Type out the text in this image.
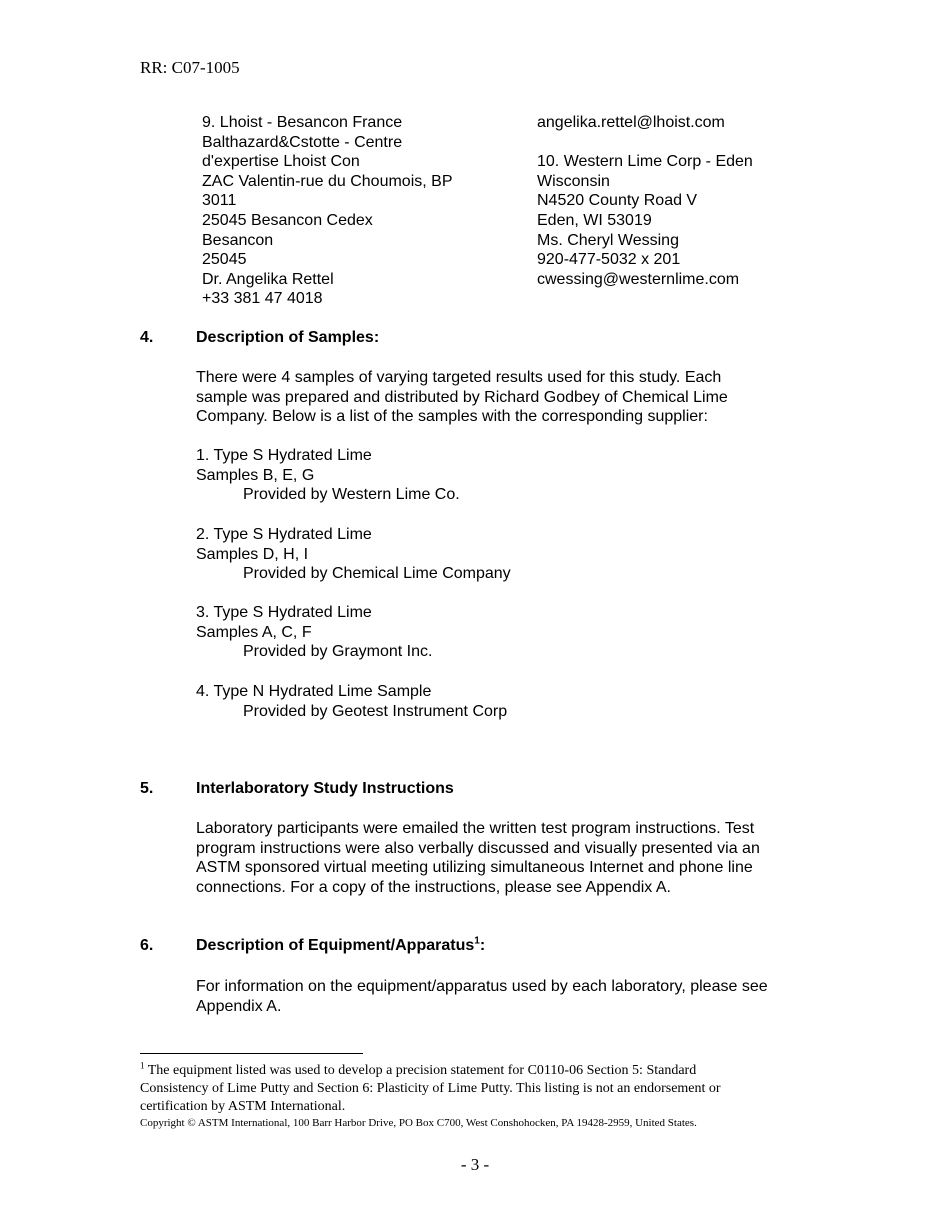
RR: C07-1005
9. Lhoist - Besancon France
Balthazard&Cstotte - Centre
d'expertise Lhoist Con
ZAC Valentin-rue du Choumois, BP
3011
25045 Besancon Cedex
Besancon
25045
Dr. Angelika Rettel
+33 381 47 4018
angelika.rettel@lhoist.com

10. Western Lime Corp - Eden
Wisconsin
N4520 County Road V
Eden, WI 53019
Ms. Cheryl Wessing
920-477-5032 x 201
cwessing@westernlime.com
4.	Description of Samples:
There were 4 samples of varying targeted results used for this study. Each
sample was prepared and distributed by Richard Godbey of Chemical Lime
Company. Below is a list of the samples with the corresponding supplier:
1. Type S Hydrated Lime
Samples B, E, G
Provided by Western Lime Co.
2. Type S Hydrated Lime
Samples D, H, I
Provided by Chemical Lime Company
3. Type S Hydrated Lime
Samples A, C, F
Provided by Graymont Inc.
4. Type N Hydrated Lime Sample
Provided by Geotest Instrument Corp
5.	Interlaboratory Study Instructions
Laboratory participants were emailed the written test program instructions. Test
program instructions were also verbally discussed and visually presented via an
ASTM sponsored virtual meeting utilizing simultaneous Internet and phone line
connections. For a copy of the instructions, please see Appendix A.
6.	Description of Equipment/Apparatus$^1$:
For information on the equipment/apparatus used by each laboratory, please see
Appendix A.
$^1$ The equipment listed was used to develop a precision statement for C0110-06 Section 5: Standard
Consistency of Lime Putty and Section 6: Plasticity of Lime Putty. This listing is not an endorsement or
certification by ASTM International.
Copyright © ASTM International, 100 Barr Harbor Drive, PO Box C700, West Conshohocken, PA 19428-2959, United States.
- 3 -
